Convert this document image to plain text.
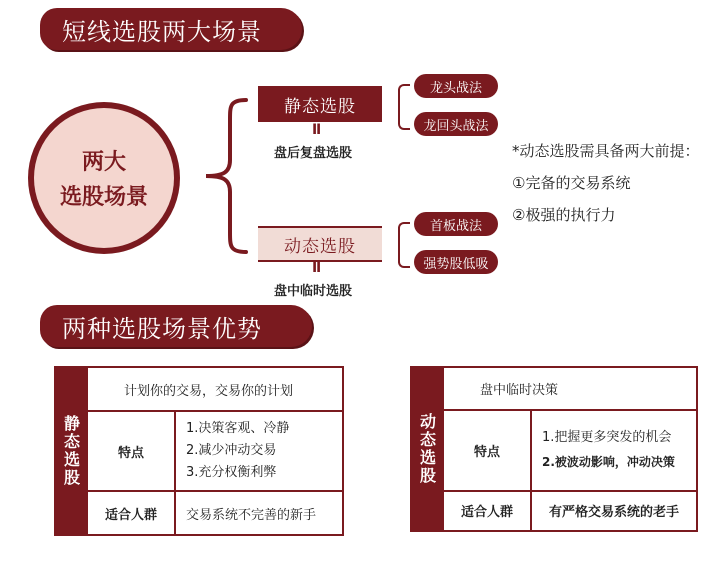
短线选股两大场景
两大
选股场景
静态选股
Ⅱ
盘后复盘选股
动态选股
Ⅱ
盘中临时选股
龙头战法
龙回头战法
首板战法
强势股低吸
*动态选股需具备两大前提：
①完备的交易系统
②极强的执行力
两种选股场景优势
静态选股	计划你的交易，交易你的计划	
	特点	1.决策客观、冷静
2.减少冲动交易
3.充分权衡利弊

	适合人群	交易系统不完善的新手
动态选股	盘中临时决策	
	特点	1.把握更多突发的机会
2.被波动影响，冲动决策

	适合人群	有严格交易系统的老手
